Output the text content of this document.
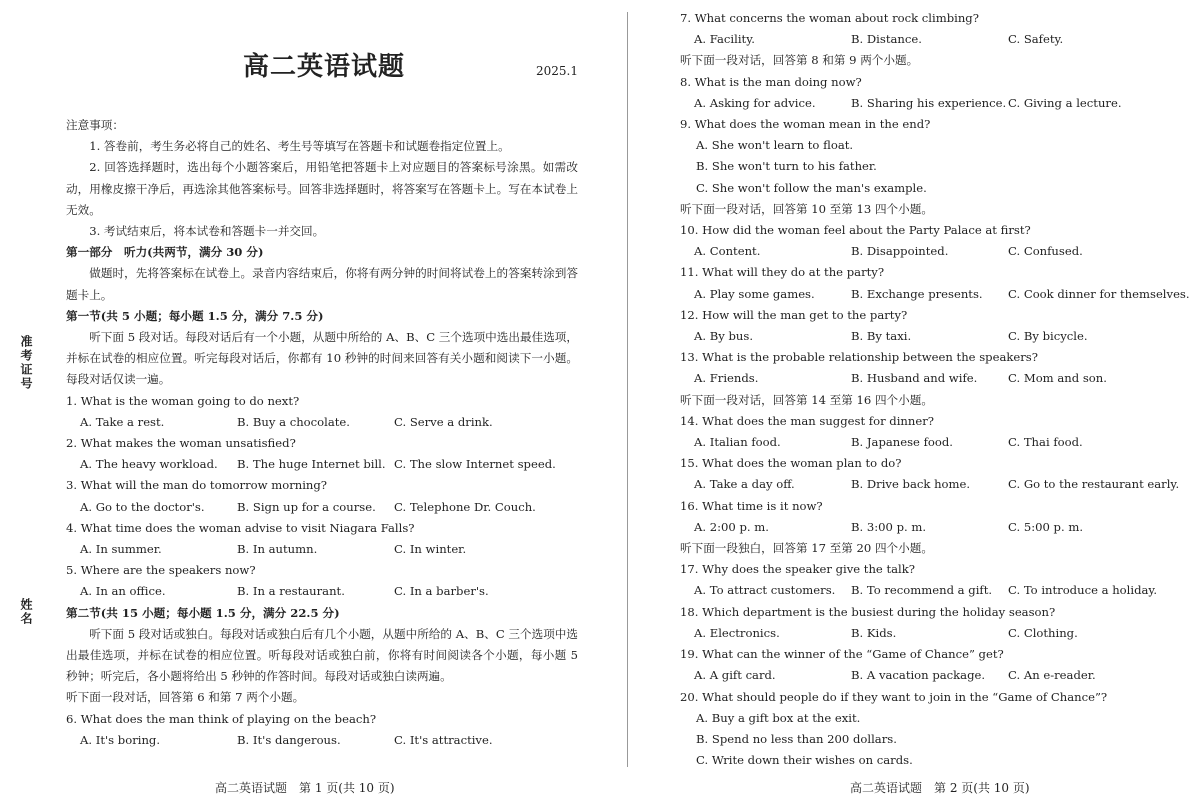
准考证号
姓名
高二英语试题	2025.1
注意事项：
1. 答卷前，考生务必将自己的姓名、考生号等填写在答题卡和试题卷指定位置上。
2. 回答选择题时，选出每个小题答案后，用铅笔把答题卡上对应题目的答案标号涂黑。如需改动，用橡皮擦干净后，再选涂其他答案标号。回答非选择题时，将答案写在答题卡上。写在本试卷上无效。
3. 考试结束后，将本试卷和答题卡一并交回。
第一部分　听力(共两节，满分 30 分)
做题时，先将答案标在试卷上。录音内容结束后，你将有两分钟的时间将试卷上的答案转涂到答题卡上。
第一节(共 5 小题；每小题 1.5 分，满分 7.5 分)
听下面 5 段对话。每段对话后有一个小题，从题中所给的 A、B、C 三个选项中选出最佳选项，并标在试卷的相应位置。听完每段对话后，你都有 10 秒钟的时间来回答有关小题和阅读下一小题。每段对话仅读一遍。
1. What is the woman going to do next?
A. Take a rest.	B. Buy a chocolate.	C. Serve a drink.
2. What makes the woman unsatisfied?
A. The heavy workload.	B. The huge Internet bill. C. The slow Internet speed.
3. What will the man do tomorrow morning?
A. Go to the doctor's.	B. Sign up for a course.	C. Telephone Dr. Couch.
4. What time does the woman advise to visit Niagara Falls?
A. In summer.	B. In autumn.	C. In winter.
5. Where are the speakers now?
A. In an office.	B. In a restaurant.	C. In a barber's.
第二节(共 15 小题；每小题 1.5 分，满分 22.5 分)
听下面 5 段对话或独白。每段对话或独白后有几个小题，从题中所给的 A、B、C 三个选项中选出最佳选项，并标在试卷的相应位置。听每段对话或独白前，你将有时间阅读各个小题，每小题 5 秒钟；听完后，各小题将给出 5 秒钟的作答时间。每段对话或独白读两遍。
听下面一段对话，回答第 6 和第 7 两个小题。
6. What does the man think of playing on the beach?
A. It's boring.	B. It's dangerous.	C. It's attractive.
7. What concerns the woman about rock climbing?
A. Facility.	B. Distance.	C. Safety.
听下面一段对话，回答第 8 和第 9 两个小题。
8. What is the man doing now?
A. Asking for advice.	B. Sharing his experience. C. Giving a lecture.
9. What does the woman mean in the end?
A. She won't learn to float.
B. She won't turn to his father.
C. She won't follow the man's example.
听下面一段对话，回答第 10 至第 13 四个小题。
10. How did the woman feel about the Party Palace at first?
A. Content.	B. Disappointed.	C. Confused.
11. What will they do at the party?
A. Play some games.	B. Exchange presents.	C. Cook dinner for themselves.
12. How will the man get to the party?
A. By bus.	B. By taxi.	C. By bicycle.
13. What is the probable relationship between the speakers?
A. Friends.	B. Husband and wife.	C. Mom and son.
听下面一段对话，回答第 14 至第 16 四个小题。
14. What does the man suggest for dinner?
A. Italian food.	B. Japanese food.	C. Thai food.
15. What does the woman plan to do?
A. Take a day off.	B. Drive back home.	C. Go to the restaurant early.
16. What time is it now?
A. 2:00 p. m.	B. 3:00 p. m.	C. 5:00 p. m.
听下面一段独白，回答第 17 至第 20 四个小题。
17. Why does the speaker give the talk?
A. To attract customers.	B. To recommend a gift.	C. To introduce a holiday.
18. Which department is the busiest during the holiday season?
A. Electronics.	B. Kids.	C. Clothing.
19. What can the winner of the “Game of Chance” get?
A. A gift card.	B. A vacation package.	C. An e-reader.
20. What should people do if they want to join in the “Game of Chance”?
A. Buy a gift box at the exit.
B. Spend no less than 200 dollars.
C. Write down their wishes on cards.
高二英语试题　第 1 页(共 10 页)	高二英语试题　第 2 页(共 10 页)
